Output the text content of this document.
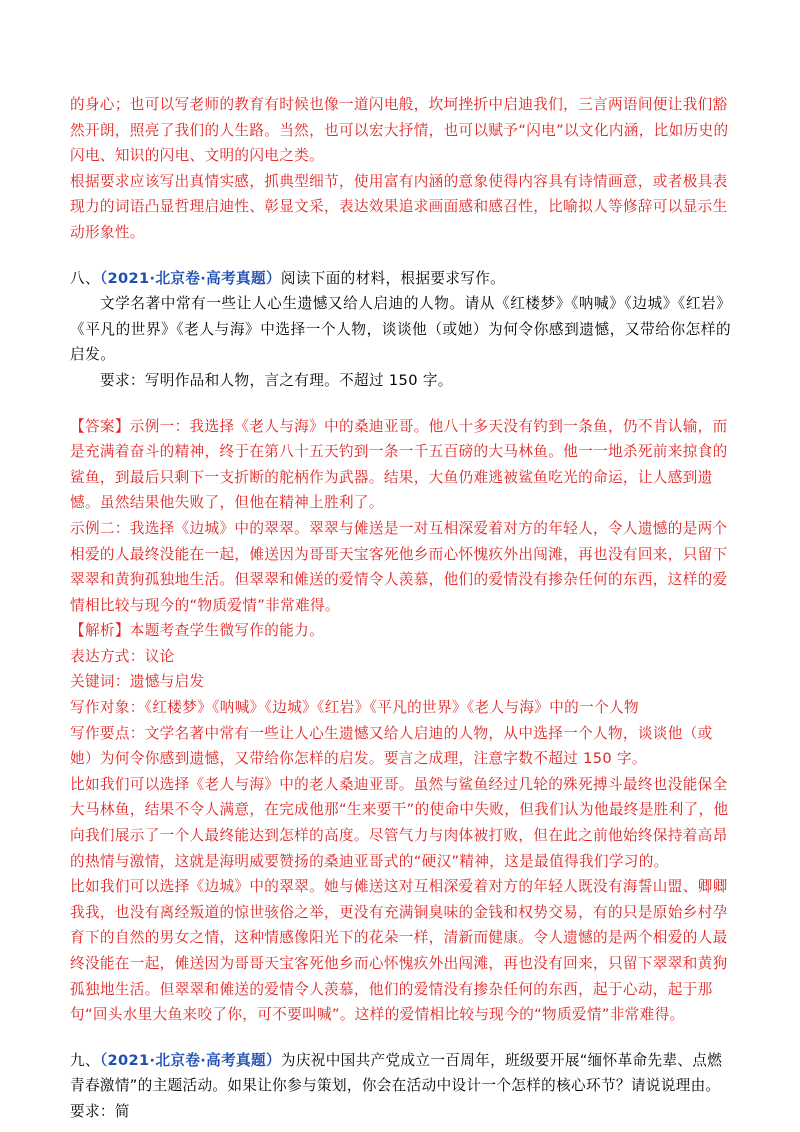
的身心；也可以写老师的教育有时候也像一道闪电般，坎坷挫折中启迪我们，三言两语间便让我们豁然开朗，照亮了我们的人生路。当然，也可以宏大抒情，也可以赋予“闪电”以文化内涵，比如历史的闪电、知识的闪电、文明的闪电之类。

根据要求应该写出真情实感，抓典型细节，使用富有内涵的意象使得内容具有诗情画意，或者极具表现力的词语凸显哲理启迪性、彰显文采，表达效果追求画面感和感召性，比喻拟人等修辞可以显示生动形象性。

八、（2021·北京卷·高考真题）阅读下面的材料，根据要求写作。

文学名著中常有一些让人心生遗憾又给人启迪的人物。请从《红楼梦》《呐喊》《边城》《红岩》《平凡的世界》《老人与海》中选择一个人物，谈谈他（或她）为何令你感到遗憾，又带给你怎样的启发。

要求：写明作品和人物，言之有理。不超过 150 字。

【答案】示例一：我选择《老人与海》中的桑迪亚哥。他八十多天没有钓到一条鱼，仍不肯认输，而是充满着奋斗的精神，终于在第八十五天钓到一条一千五百磅的大马林鱼。他一一地杀死前来掠食的鲨鱼，到最后只剩下一支折断的舵柄作为武器。结果，大鱼仍难逃被鲨鱼吃光的命运，让人感到遗憾。虽然结果他失败了，但他在精神上胜利了。

示例二：我选择《边城》中的翠翠。翠翠与傩送是一对互相深爱着对方的年轻人，令人遗憾的是两个相爱的人最终没能在一起，傩送因为哥哥天宝客死他乡而心怀愧疚外出闯滩，再也没有回来，只留下翠翠和黄狗孤独地生活。但翠翠和傩送的爱情令人羡慕，他们的爱情没有掺杂任何的东西，这样的爱情相比较与现今的“物质爱情”非常难得。

【解析】本题考查学生微写作的能力。

表达方式：议论

关键词：遗憾与启发

写作对象：《红楼梦》《呐喊》《边城》《红岩》《平凡的世界》《老人与海》中的一个人物

写作要点：文学名著中常有一些让人心生遗憾又给人启迪的人物，从中选择一个人物，谈谈他（或她）为何令你感到遗憾，又带给你怎样的启发。要言之成理，注意字数不超过 150 字。

比如我们可以选择《老人与海》中的老人桑迪亚哥。虽然与鲨鱼经过几轮的殊死搏斗最终也没能保全大马林鱼，结果不令人满意，在完成他那“生来要干”的使命中失败，但我们认为他最终是胜利了，他向我们展示了一个人最终能达到怎样的高度。尽管气力与肉体被打败，但在此之前他始终保持着高昂的热情与激情，这就是海明威要赞扬的桑迪亚哥式的“硬汉”精神，这是最值得我们学习的。

比如我们可以选择《边城》中的翠翠。她与傩送这对互相深爱着对方的年轻人既没有海誓山盟、卿卿我我，也没有离经叛道的惊世骇俗之举，更没有充满铜臭味的金钱和权势交易，有的只是原始乡村孕育下的自然的男女之情，这种情感像阳光下的花朵一样，清新而健康。令人遗憾的是两个相爱的人最终没能在一起，傩送因为哥哥天宝客死他乡而心怀愧疚外出闯滩，再也没有回来，只留下翠翠和黄狗孤独地生活。但翠翠和傩送的爱情令人羡慕，他们的爱情没有掺杂任何的东西，起于心动，起于那句“回头水里大鱼来咬了你，可不要叫喊”。这样的爱情相比较与现今的“物质爱情”非常难得。

九、（2021·北京卷·高考真题）为庆祝中国共产党成立一百周年，班级要开展“缅怀革命先辈、点燃青春激情”的主题活动。如果让你参与策划，你会在活动中设计一个怎样的核心环节？请说说理由。要求：简
